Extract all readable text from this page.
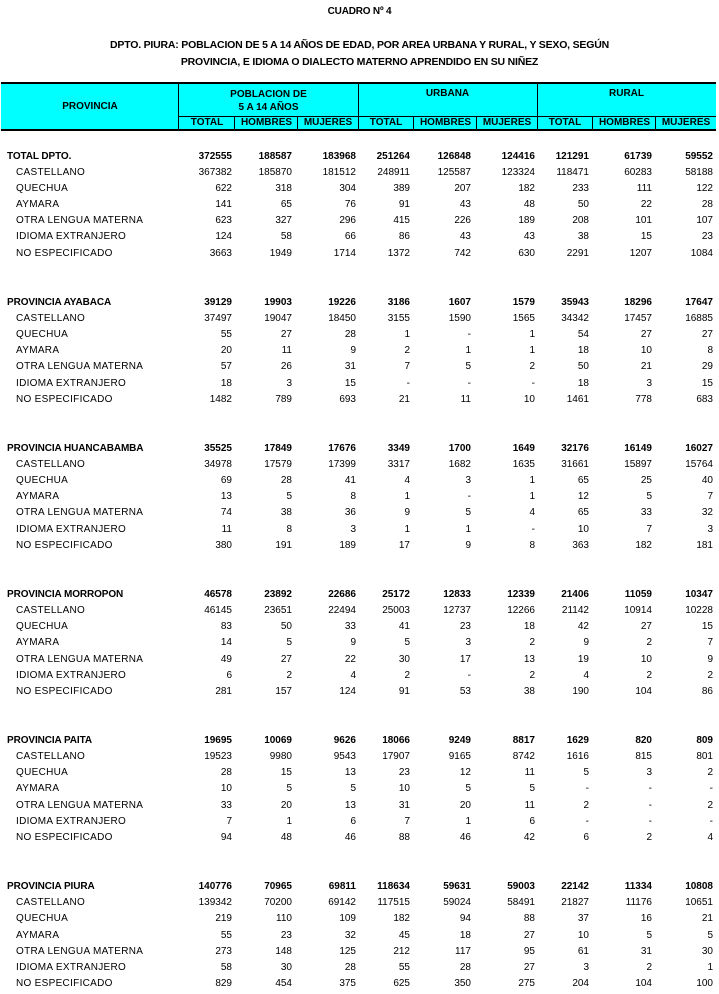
CUADRO Nº 4
DPTO. PIURA: POBLACION DE 5 A 14 AÑOS DE EDAD, POR AREA URBANA Y RURAL, Y SEXO, SEGÚN
PROVINCIA, E IDIOMA O DIALECTO MATERNO APRENDIDO EN SU NIÑEZ
PROVINCIA
POBLACION DE
5 A 14 AÑOS
URBANA	RURAL
TOTAL	HOMBRES	MUJERES	TOTAL	HOMBRES	MUJERES	TOTAL	HOMBRES	MUJERES
TOTAL DPTO.	372555	188587	183968	251264	126848	124416	121291	61739	59552
CASTELLANO	367382	185870	181512	248911	125587	123324	118471	60283	58188
QUECHUA	622	318	304	389	207	182	233	111	122
AYMARA	141	65	76	91	43	48	50	22	28
OTRA LENGUA MATERNA	623	327	296	415	226	189	208	101	107
IDIOMA EXTRANJERO	124	58	66	86	43	43	38	15	23
NO ESPECIFICADO	3663	1949	1714	1372	742	630	2291	1207	1084
PROVINCIA AYABACA	39129	19903	19226	3186	1607	1579	35943	18296	17647
CASTELLANO	37497	19047	18450	3155	1590	1565	34342	17457	16885
QUECHUA	55	27	28	1	-	1	54	27	27
AYMARA	20	11	9	2	1	1	18	10	8
OTRA LENGUA MATERNA	57	26	31	7	5	2	50	21	29
IDIOMA EXTRANJERO	18	3	15	-	-	-	18	3	15
NO ESPECIFICADO	1482	789	693	21	11	10	1461	778	683
PROVINCIA HUANCABAMBA	35525	17849	17676	3349	1700	1649	32176	16149	16027
CASTELLANO	34978	17579	17399	3317	1682	1635	31661	15897	15764
QUECHUA	69	28	41	4	3	1	65	25	40
AYMARA	13	5	8	1	-	1	12	5	7
OTRA LENGUA MATERNA	74	38	36	9	5	4	65	33	32
IDIOMA EXTRANJERO	11	8	3	1	1	-	10	7	3
NO ESPECIFICADO	380	191	189	17	9	8	363	182	181
PROVINCIA MORROPON	46578	23892	22686	25172	12833	12339	21406	11059	10347
CASTELLANO	46145	23651	22494	25003	12737	12266	21142	10914	10228
QUECHUA	83	50	33	41	23	18	42	27	15
AYMARA	14	5	9	5	3	2	9	2	7
OTRA LENGUA MATERNA	49	27	22	30	17	13	19	10	9
IDIOMA EXTRANJERO	6	2	4	2	-	2	4	2	2
NO ESPECIFICADO	281	157	124	91	53	38	190	104	86
PROVINCIA PAITA	19695	10069	9626	18066	9249	8817	1629	820	809
CASTELLANO	19523	9980	9543	17907	9165	8742	1616	815	801
QUECHUA	28	15	13	23	12	11	5	3	2
AYMARA	10	5	5	10	5	5	-	-	-
OTRA LENGUA MATERNA	33	20	13	31	20	11	2	-	2
IDIOMA EXTRANJERO	7	1	6	7	1	6	-	-	-
NO ESPECIFICADO	94	48	46	88	46	42	6	2	4
PROVINCIA PIURA	140776	70965	69811	118634	59631	59003	22142	11334	10808
CASTELLANO	139342	70200	69142	117515	59024	58491	21827	11176	10651
QUECHUA	219	110	109	182	94	88	37	16	21
AYMARA	55	23	32	45	18	27	10	5	5
OTRA LENGUA MATERNA	273	148	125	212	117	95	61	31	30
IDIOMA EXTRANJERO	58	30	28	55	28	27	3	2	1
NO ESPECIFICADO	829	454	375	625	350	275	204	104	100
